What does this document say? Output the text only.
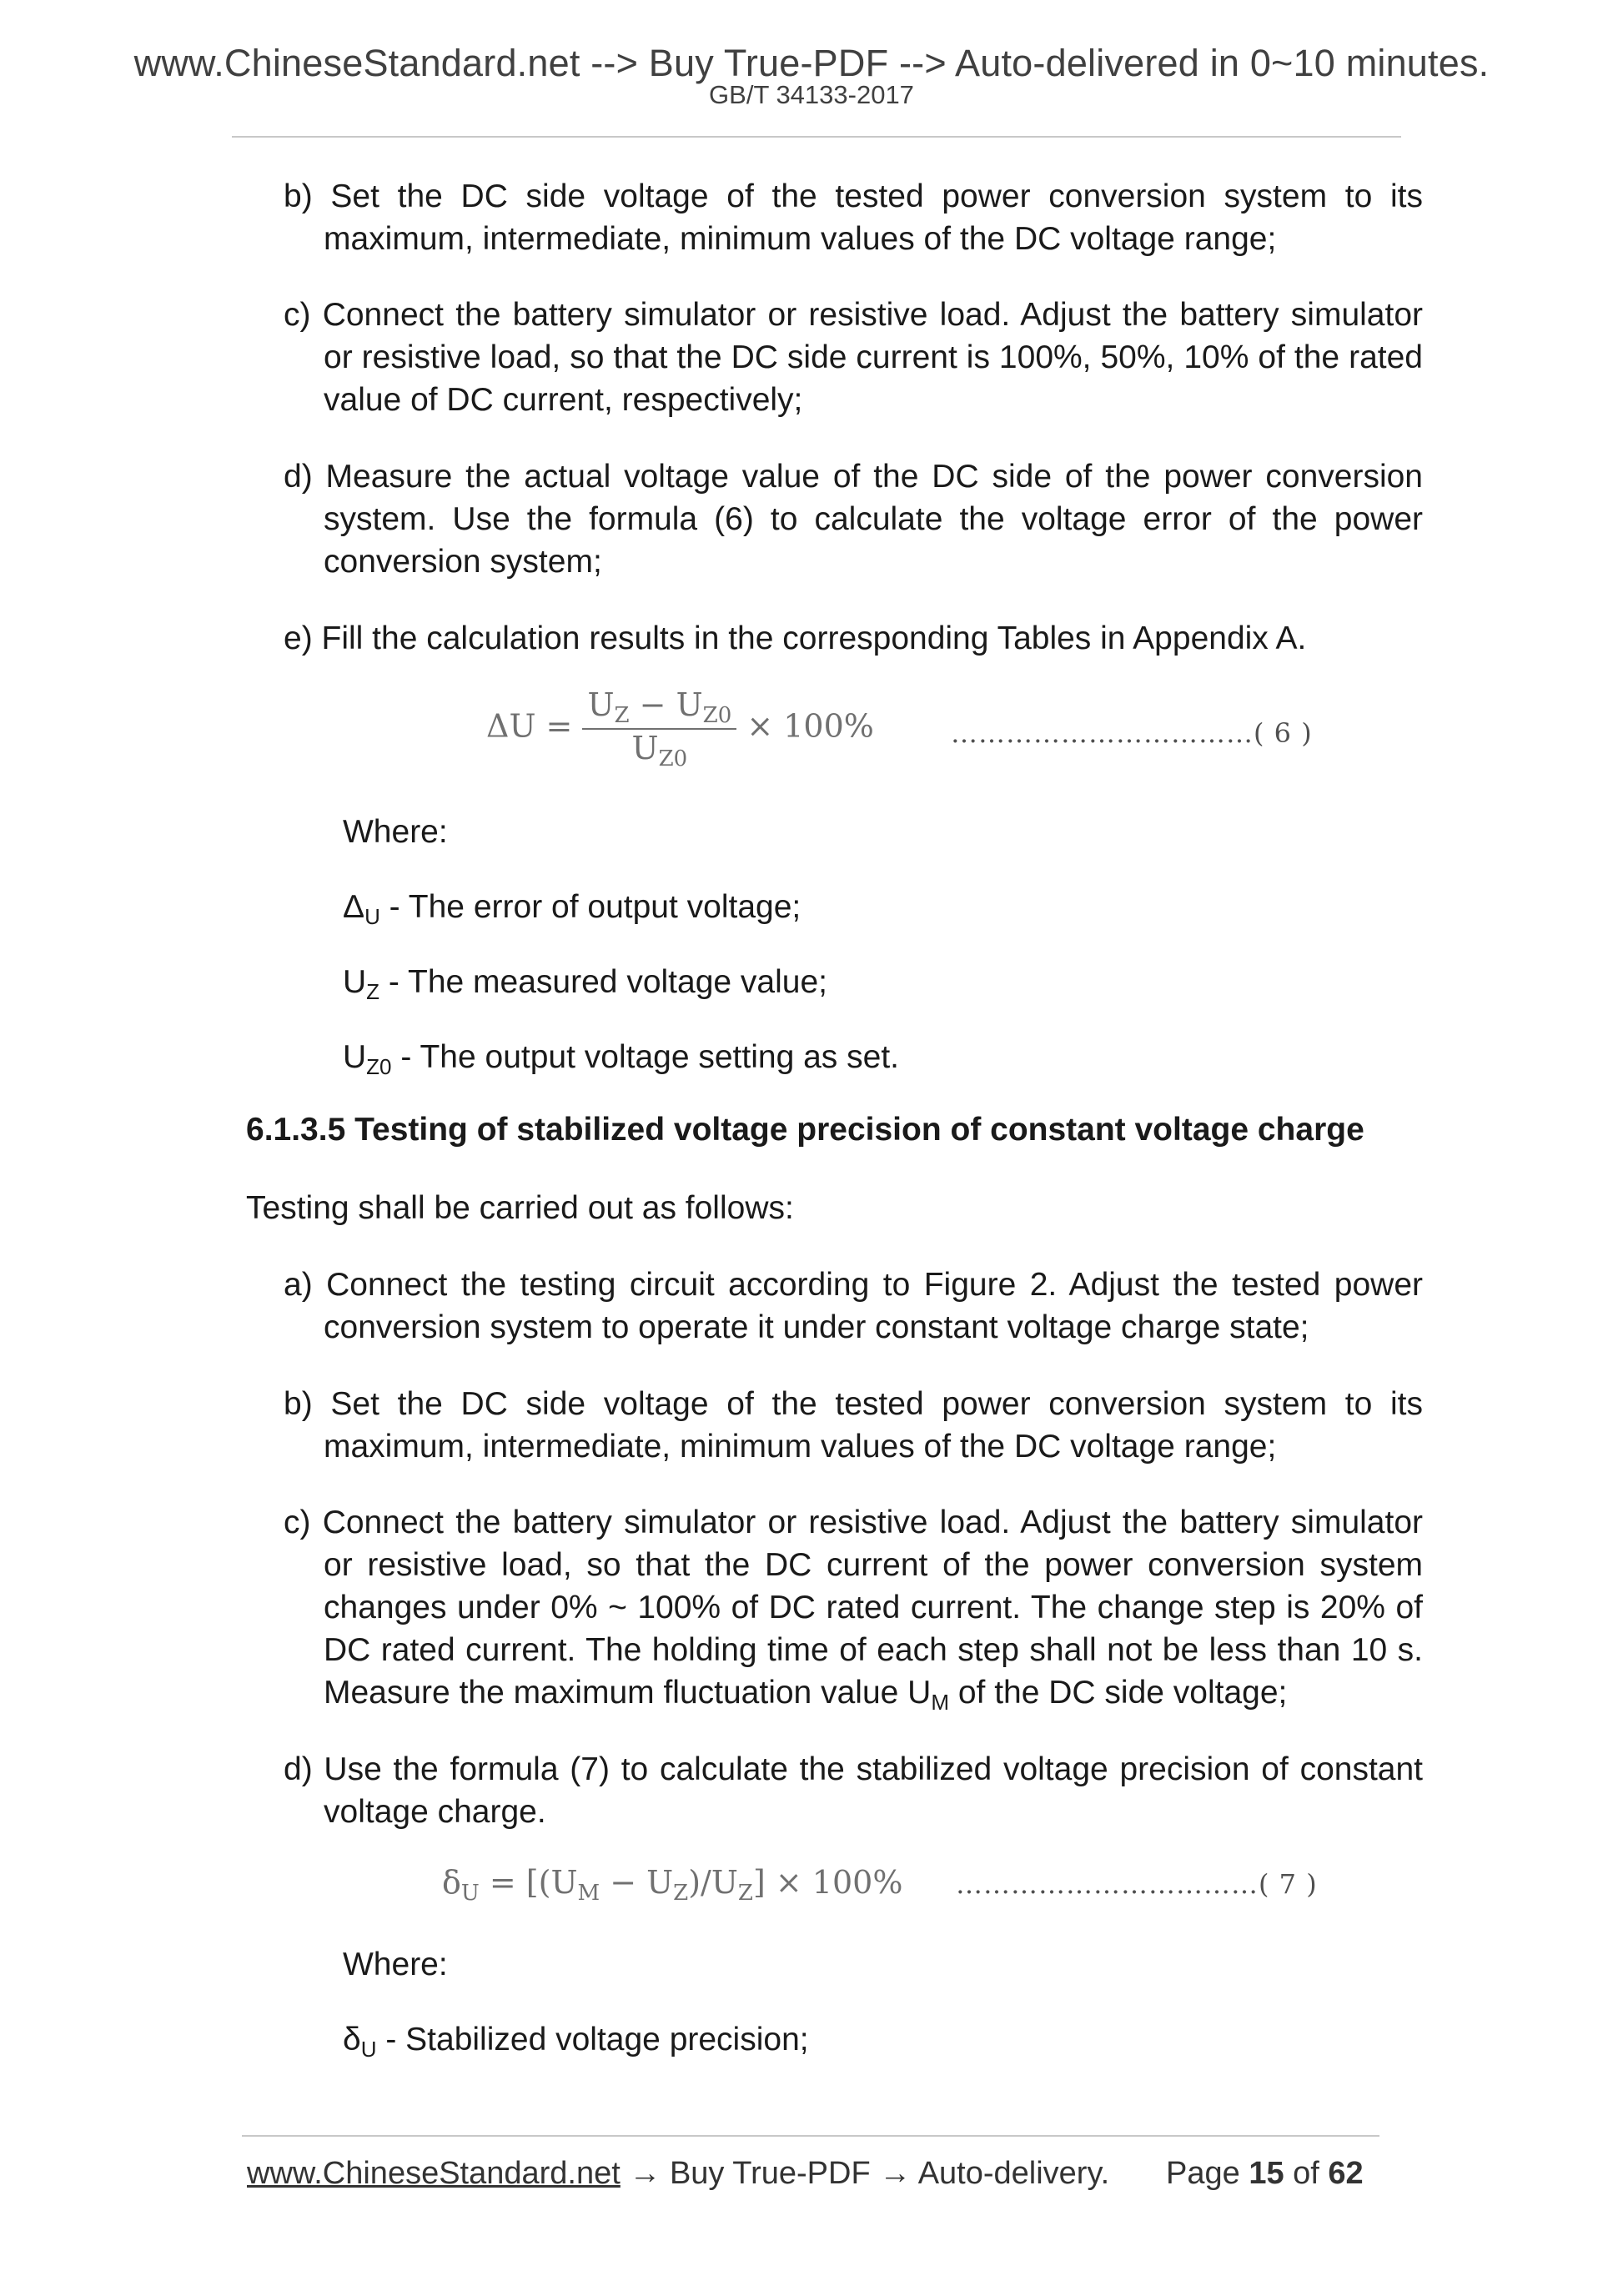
www.ChineseStandard.net --> Buy True-PDF --> Auto-delivered in 0~10 minutes.
GB/T 34133-2017
b) Set the DC side voltage of the tested power conversion system to its maximum, intermediate, minimum values of the DC voltage range;
c) Connect the battery simulator or resistive load. Adjust the battery simulator or resistive load, so that the DC side current is 100%, 50%, 10% of the rated value of DC current, respectively;
d) Measure the actual voltage value of the DC side of the power conversion system. Use the formula (6) to calculate the voltage error of the power conversion system;
e) Fill the calculation results in the corresponding Tables in Appendix A.
$\Delta U = \frac{U_Z - U_{Z0}}{U_{Z0}} \times 100\%$	……………………………( 6 )
Where:
$\Delta_U$ - The error of output voltage;
$U_Z$ - The measured voltage value;
$U_{Z0}$ - The output voltage setting as set.
6.1.3.5 Testing of stabilized voltage precision of constant voltage charge
Testing shall be carried out as follows:
a) Connect the testing circuit according to Figure 2. Adjust the tested power conversion system to operate it under constant voltage charge state;
b) Set the DC side voltage of the tested power conversion system to its maximum, intermediate, minimum values of the DC voltage range;
c) Connect the battery simulator or resistive load. Adjust the battery simulator or resistive load, so that the DC current of the power conversion system changes under 0% ~ 100% of DC rated current. The change step is 20% of DC rated current. The holding time of each step shall not be less than 10 s. Measure the maximum fluctuation value $U_M$ of the DC side voltage;
d) Use the formula (7) to calculate the stabilized voltage precision of constant voltage charge.
$\delta_U = [(U_M - U_Z)/U_Z] \times 100\%$ ……………………………( 7 )
Where:
$\delta_U$ - Stabilized voltage precision;
www.ChineseStandard.net → Buy True-PDF → Auto-delivery. Page 15 of 62
